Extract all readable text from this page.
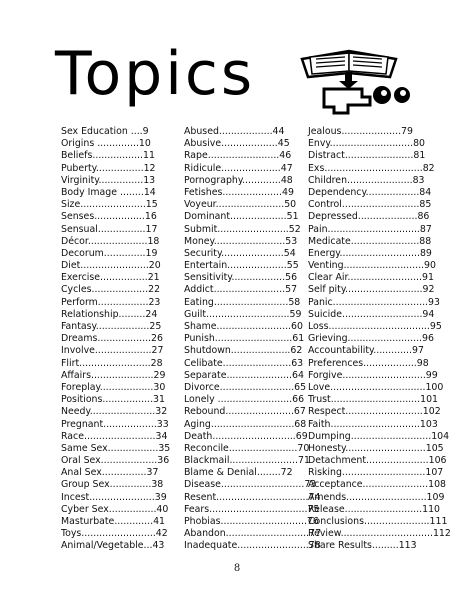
Topics
Sex Education ....9
Origins ..............10
Beliefs.................11
Puberty................12
Virginity...............13
Body Image ........14
Size......................15
Senses.................16
Sensual................17
Décor....................18
Decorum..............19
Diet.......................20
Exercise................21
Cycles...................22
Perform.................23
Relationship.........24
Fantasy..................25
Dreams..................26
Involve...................27
Flirt........................28
Affairs.....................29
Foreplay..................30
Positions.................31
Needy......................32
Pregnant..................33
Race........................34
Same Sex.................35
Oral Sex...................36
Anal Sex...............37
Group Sex..............38
Incest......................39
Cyber Sex................40
Masturbate.............41
Toys.........................42
Animal/Vegetable...43
Abused..................44
Abusive...................45
Rape........................46
Ridicule....................47
Pornography.............48
Fetishes....................49
Voyeur.......................50
Dominant...................51
Submit........................52
Money........................53
Security.....................54
Entertain....................55
Sensitivity..................56
Addict........................57
Eating.........................58
Guilt............................59
Shame.........................60
Punish..........................61
Shutdown....................62
Celibate.......................63
Separate......................64
Divorce.........................65
Lonely .........................66
Rebound.......................67
Aging............................68
Death............................69
Reconcile.......................70
Blackmail.......................71
Blame & Denial........72
Disease............................73
Resent...............................74
Fears.................................75
Phobias.............................76
Abandon............................77
Inadequate........................78
Jealous....................79
Envy............................80
Distract.......................81
Exs.................................82
Children......................83
Dependency..................84
Control..........................85
Depressed....................86
Pain...............................87
Medicate.......................88
Energy...........................89
Venting...........................90
Clear Air.........................91
Self pity..........................92
Panic................................93
Suicide...........................94
Loss..................................95
Grieving.........................96
Accountability.............97
Preferences..................98
Forgive............................99
Love................................100
Trust..............................101
Respect..........................102
Faith..............................103
Dumping...........................104
Honesty...........................105
Detachment.....................106
Risking............................107
Acceptance......................108
Amends...........................109
Release..........................110
Conclusions......................111
Review...............................112
Share Results.........113
8
